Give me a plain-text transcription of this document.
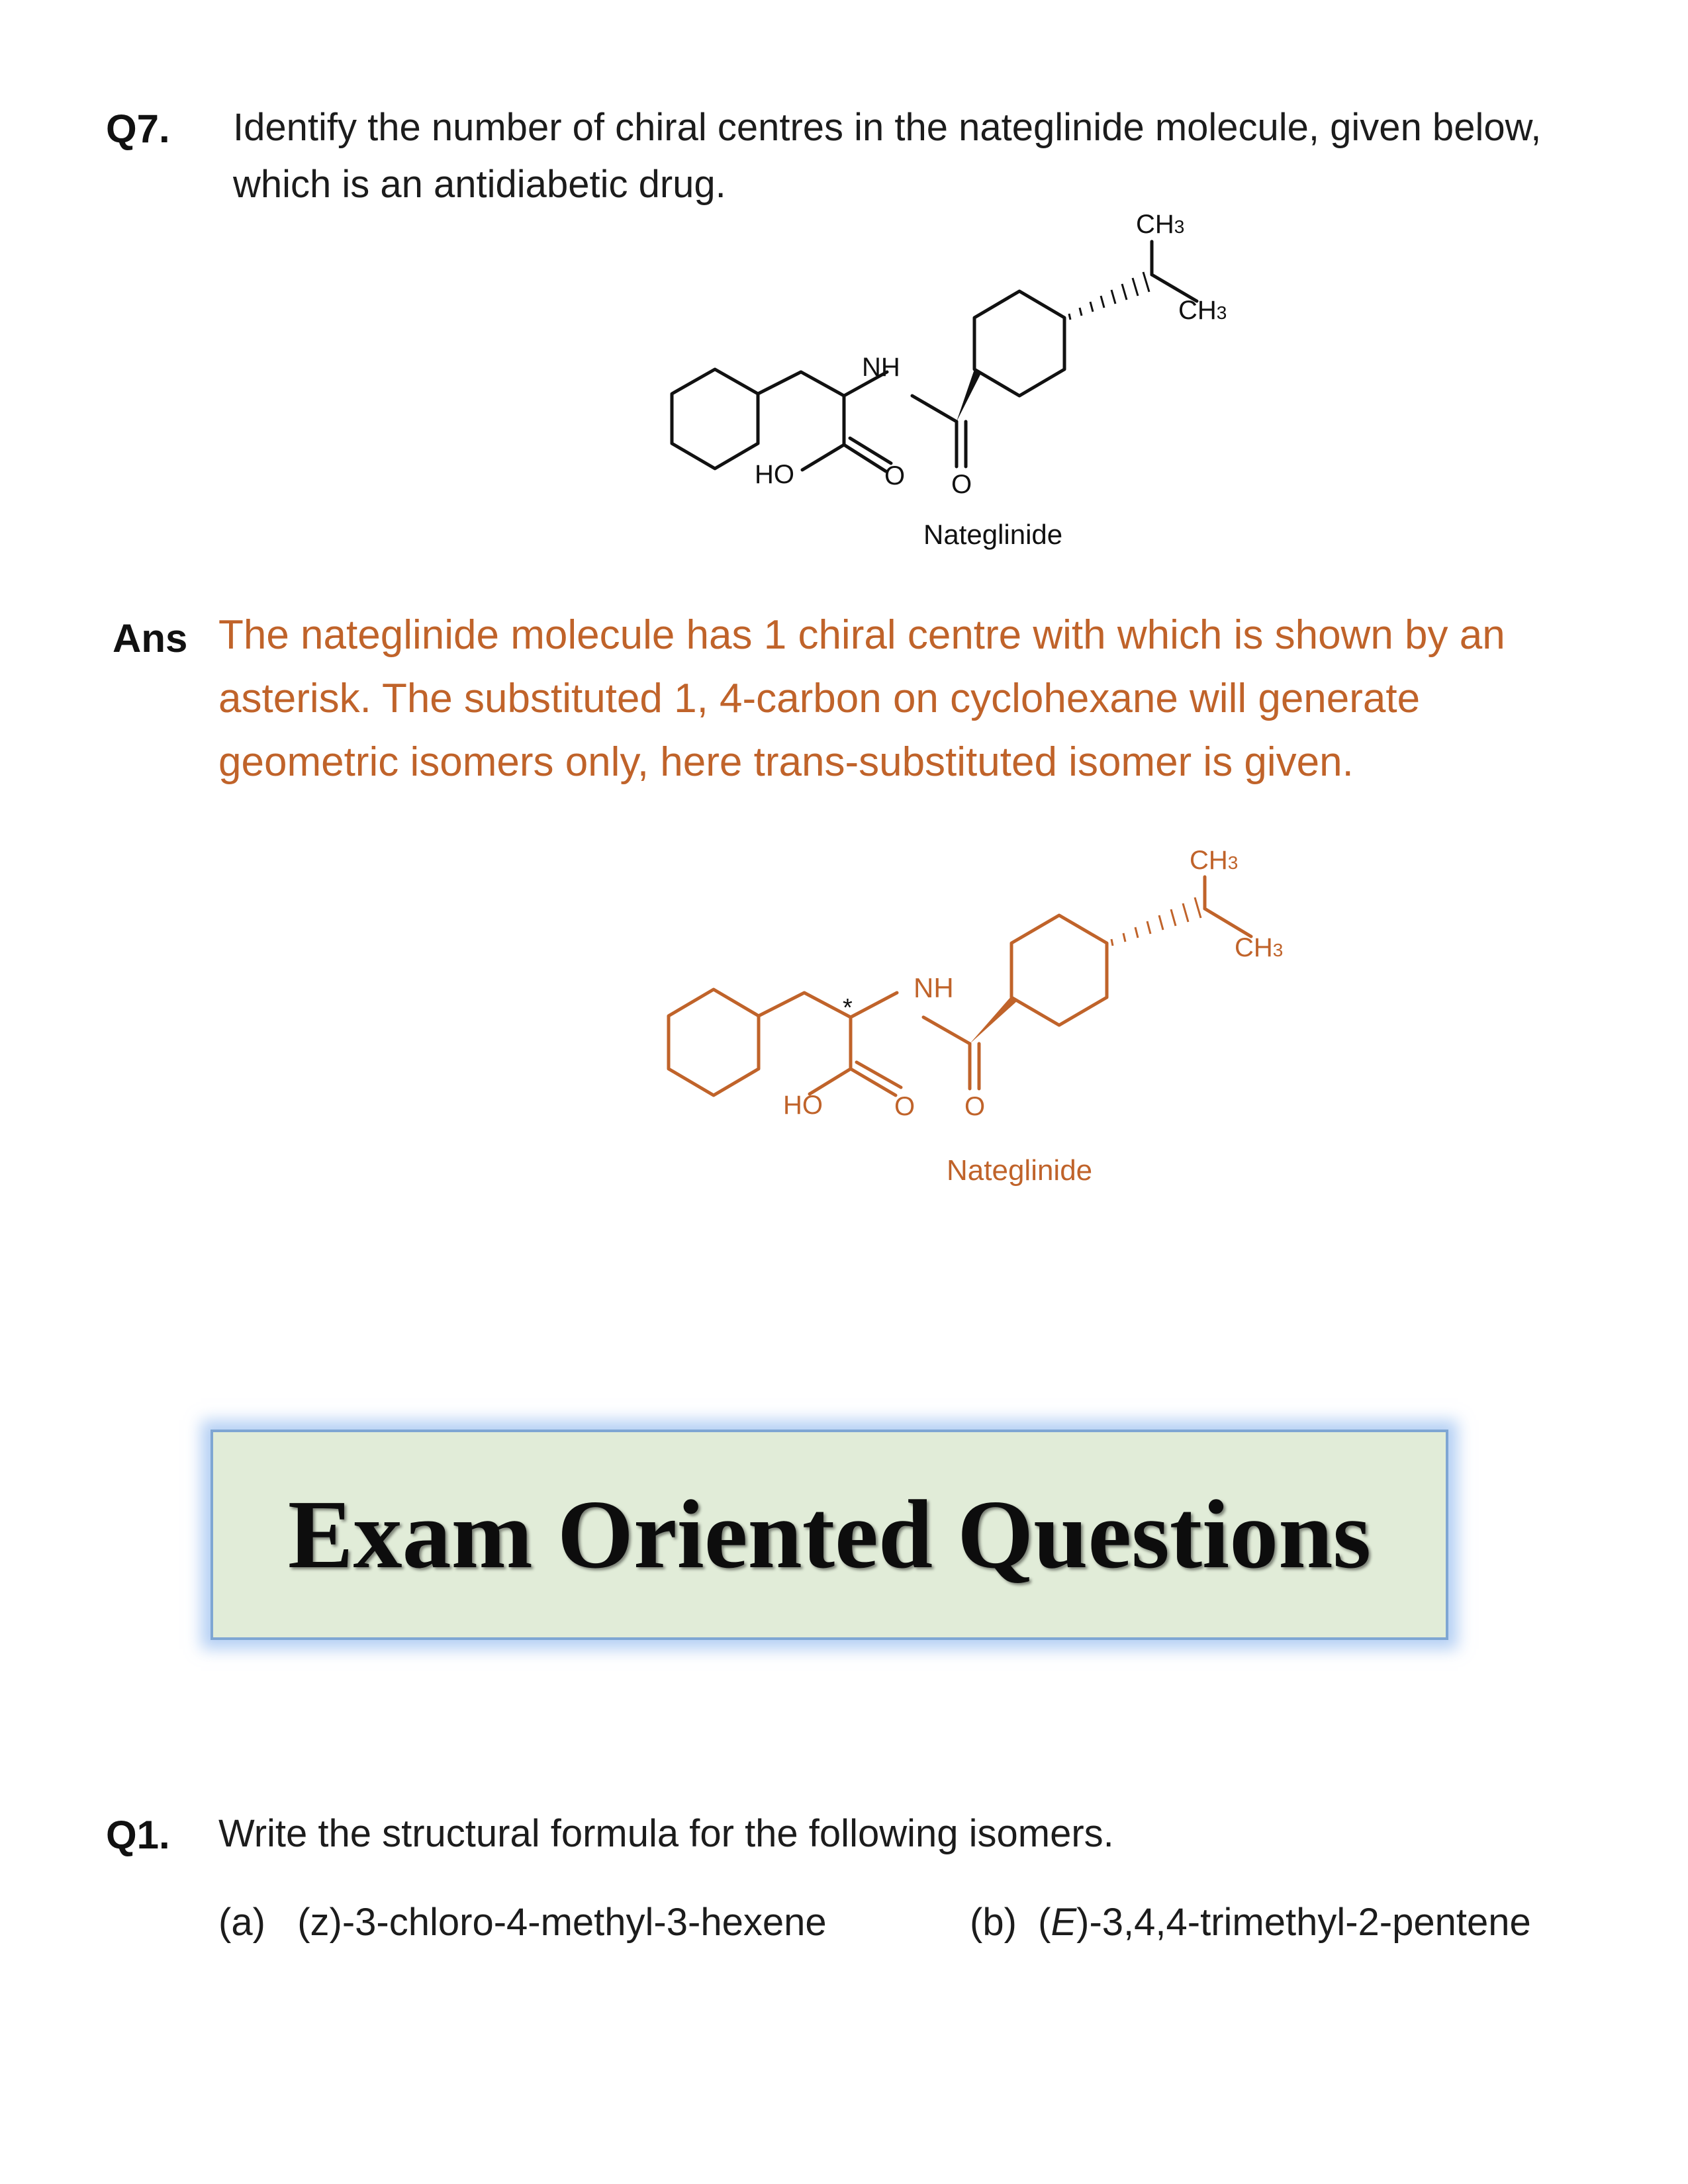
Q7. Identify the number of chiral centres in the nateglinide molecule, given below,
which is an antidiabetic drug.
NH
HO	O O
CH3
CH3
Nateglinide
Ans The nateglinide molecule has 1 chiral centre with which is shown by an
asterisk. The substituted 1, 4-carbon on cyclohexane will generate
geometric isomers only, here trans-substituted isomer is given.
*
NH
HO	O O
CH3
CH3
Nateglinide
Exam Oriented Questions
Q1. Write the structural formula for the following isomers.
(a) (z)-3-chloro-4-methyl-3-hexene	(b) (E)-3,4,4-trimethyl-2-pentene
